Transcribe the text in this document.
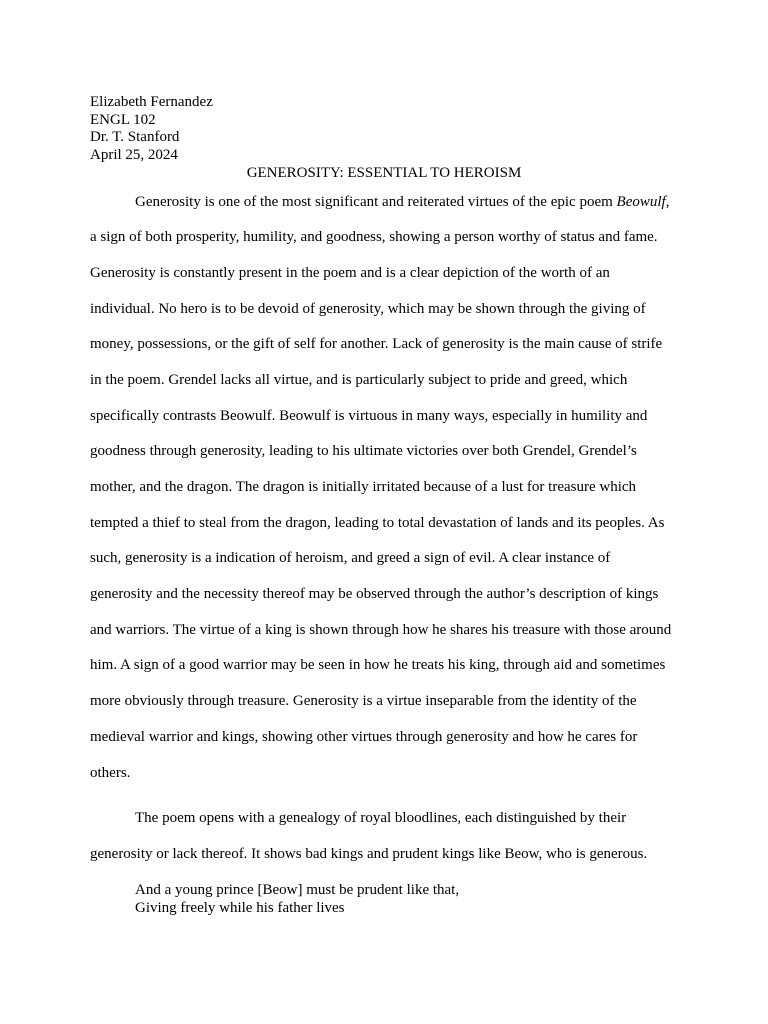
Elizabeth Fernandez
ENGL 102
Dr. T. Stanford
April 25, 2024
GENEROSITY: ESSENTIAL TO HEROISM
Generosity is one of the most significant and reiterated virtues of the epic poem Beowulf,
a sign of both prosperity, humility, and goodness, showing a person worthy of status and fame.
Generosity is constantly present in the poem and is a clear depiction of the worth of an
individual. No hero is to be devoid of generosity, which may be shown through the giving of
money, possessions, or the gift of self for another. Lack of generosity is the main cause of strife
in the poem. Grendel lacks all virtue, and is particularly subject to pride and greed, which
specifically contrasts Beowulf. Beowulf is virtuous in many ways, especially in humility and
goodness through generosity, leading to his ultimate victories over both Grendel, Grendel’s
mother, and the dragon. The dragon is initially irritated because of a lust for treasure which
tempted a thief to steal from the dragon, leading to total devastation of lands and its peoples. As
such, generosity is a indication of heroism, and greed a sign of evil. A clear instance of
generosity and the necessity thereof may be observed through the author’s description of kings
and warriors. The virtue of a king is shown through how he shares his treasure with those around
him. A sign of a good warrior may be seen in how he treats his king, through aid and sometimes
more obviously through treasure. Generosity is a virtue inseparable from the identity of the
medieval warrior and kings, showing other virtues through generosity and how he cares for
others.
The poem opens with a genealogy of royal bloodlines, each distinguished by their
generosity or lack thereof. It shows bad kings and prudent kings like Beow, who is generous.
And a young prince [Beow] must be prudent like that,
Giving freely while his father lives
